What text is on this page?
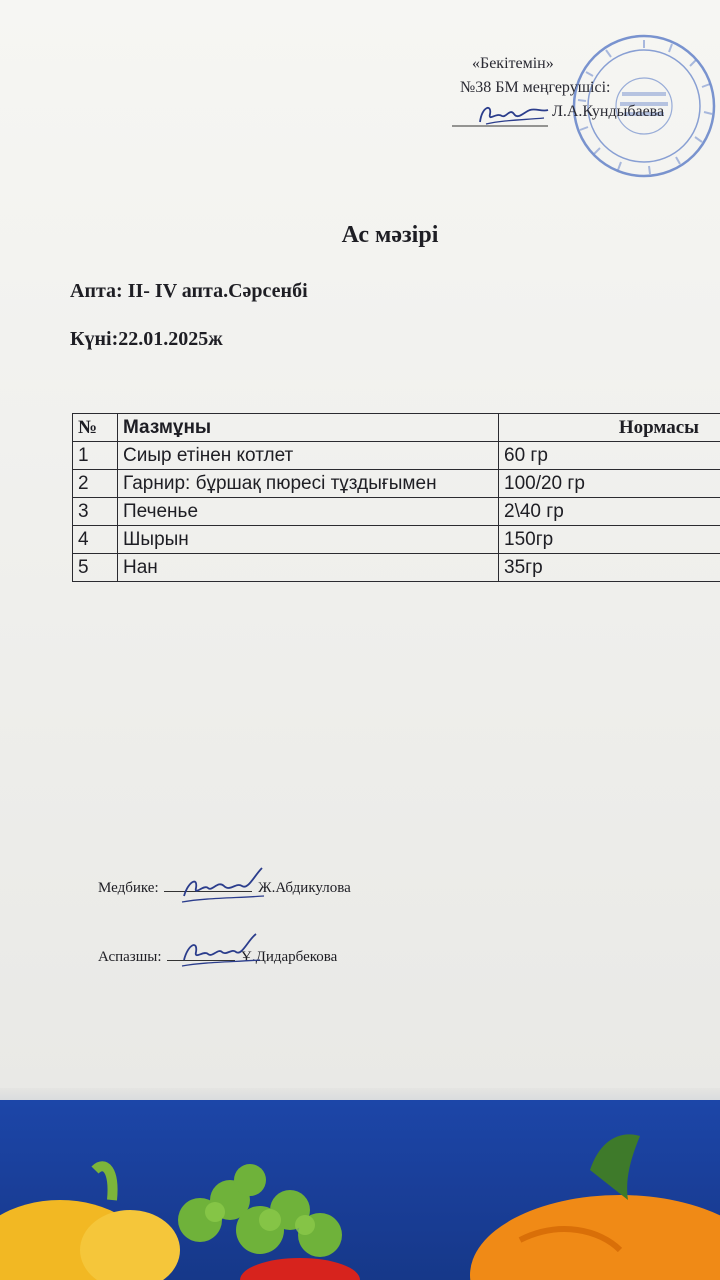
«Бекітемін»
№38 БМ меңгерушісі:
Л.А.Кундыбаева
Ас мәзірі
Апта: II- IV апта.Сәрсенбі
Күні:22.01.2025ж
№	Мазмұны	Нормасы
1	Сиыр етінен котлет	60 гр
2	Гарнир: бұршақ пюресі тұздығымен	100/20 гр
3	Печенье	2\40 гр
4	Шырын	150гр
5	Нан	35гр
Медбике:	Ж.Абдикулова
Аспазшы:	Ұ.Дидарбекова
